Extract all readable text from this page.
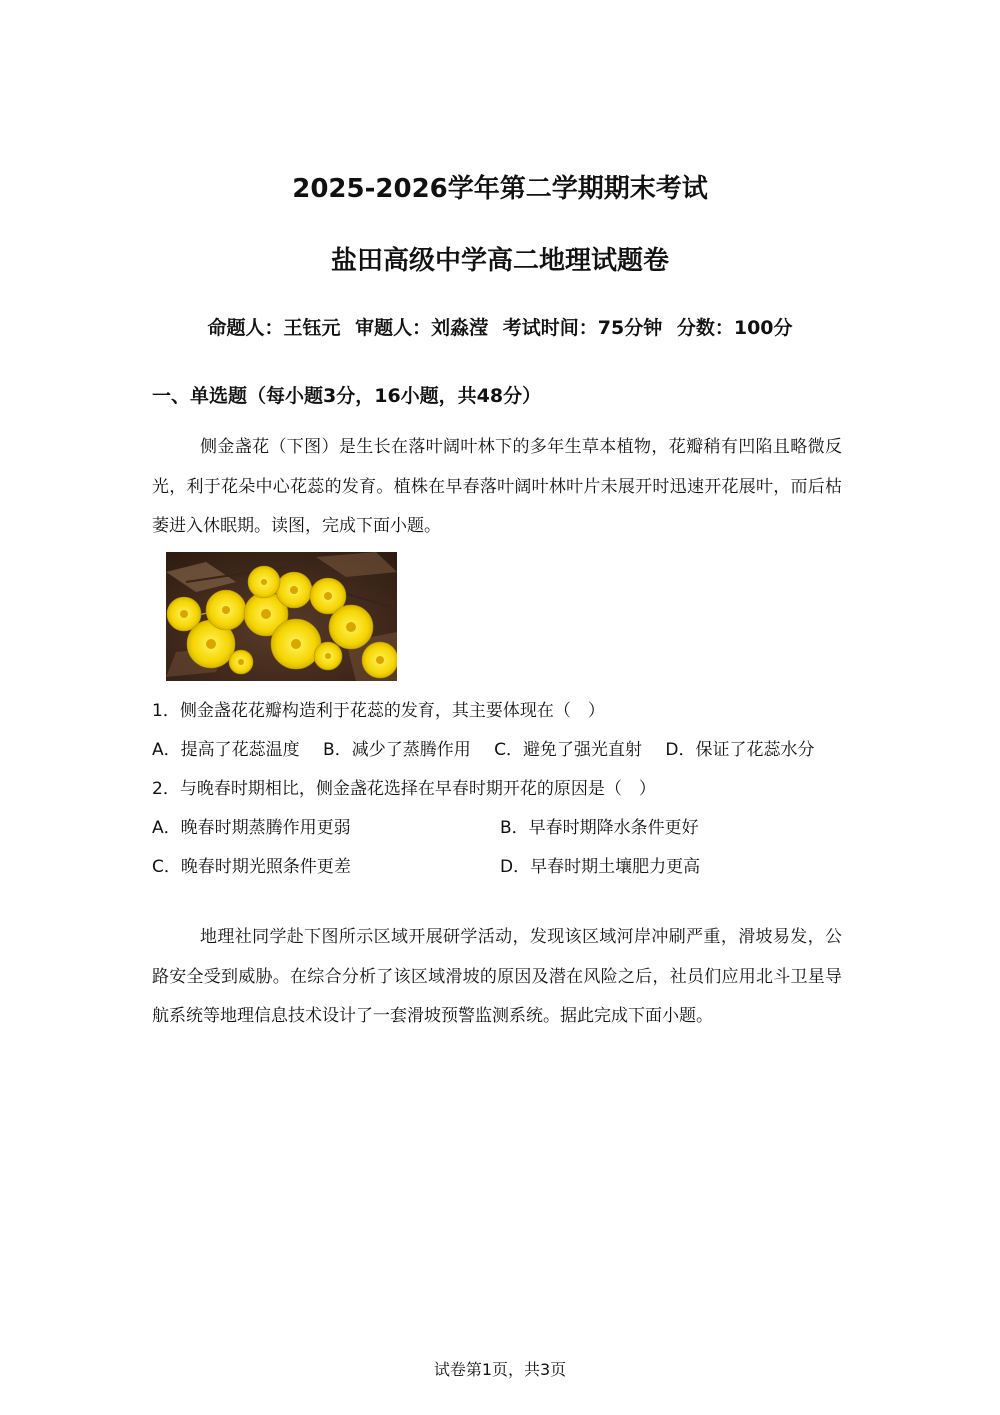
2025-2026学年第二学期期末考试
盐田高级中学高二地理试题卷
命题人：王钰元 审题人：刘淼滢 考试时间：75分钟 分数：100分
一、单选题（每小题3分，16小题，共48分）
侧金盏花（下图）是生长在落叶阔叶林下的多年生草本植物，花瓣稍有凹陷且略微反光，利于花朵中心花蕊的发育。植株在早春落叶阔叶林叶片未展开时迅速开花展叶，而后枯萎进入休眠期。读图，完成下面小题。
1．侧金盏花花瓣构造利于花蕊的发育，其主要体现在（　）
A．提高了花蕊温度 B．减少了蒸腾作用 C．避免了强光直射 D．保证了花蕊水分
2．与晚春时期相比，侧金盏花选择在早春时期开花的原因是（　）
A．晚春时期蒸腾作用更弱	B．早春时期降水条件更好
C．晚春时期光照条件更差	D．早春时期土壤肥力更高
地理社同学赴下图所示区域开展研学活动，发现该区域河岸冲刷严重，滑坡易发，公路安全受到威胁。在综合分析了该区域滑坡的原因及潜在风险之后，社员们应用北斗卫星导航系统等地理信息技术设计了一套滑坡预警监测系统。据此完成下面小题。
试卷第1页，共3页
